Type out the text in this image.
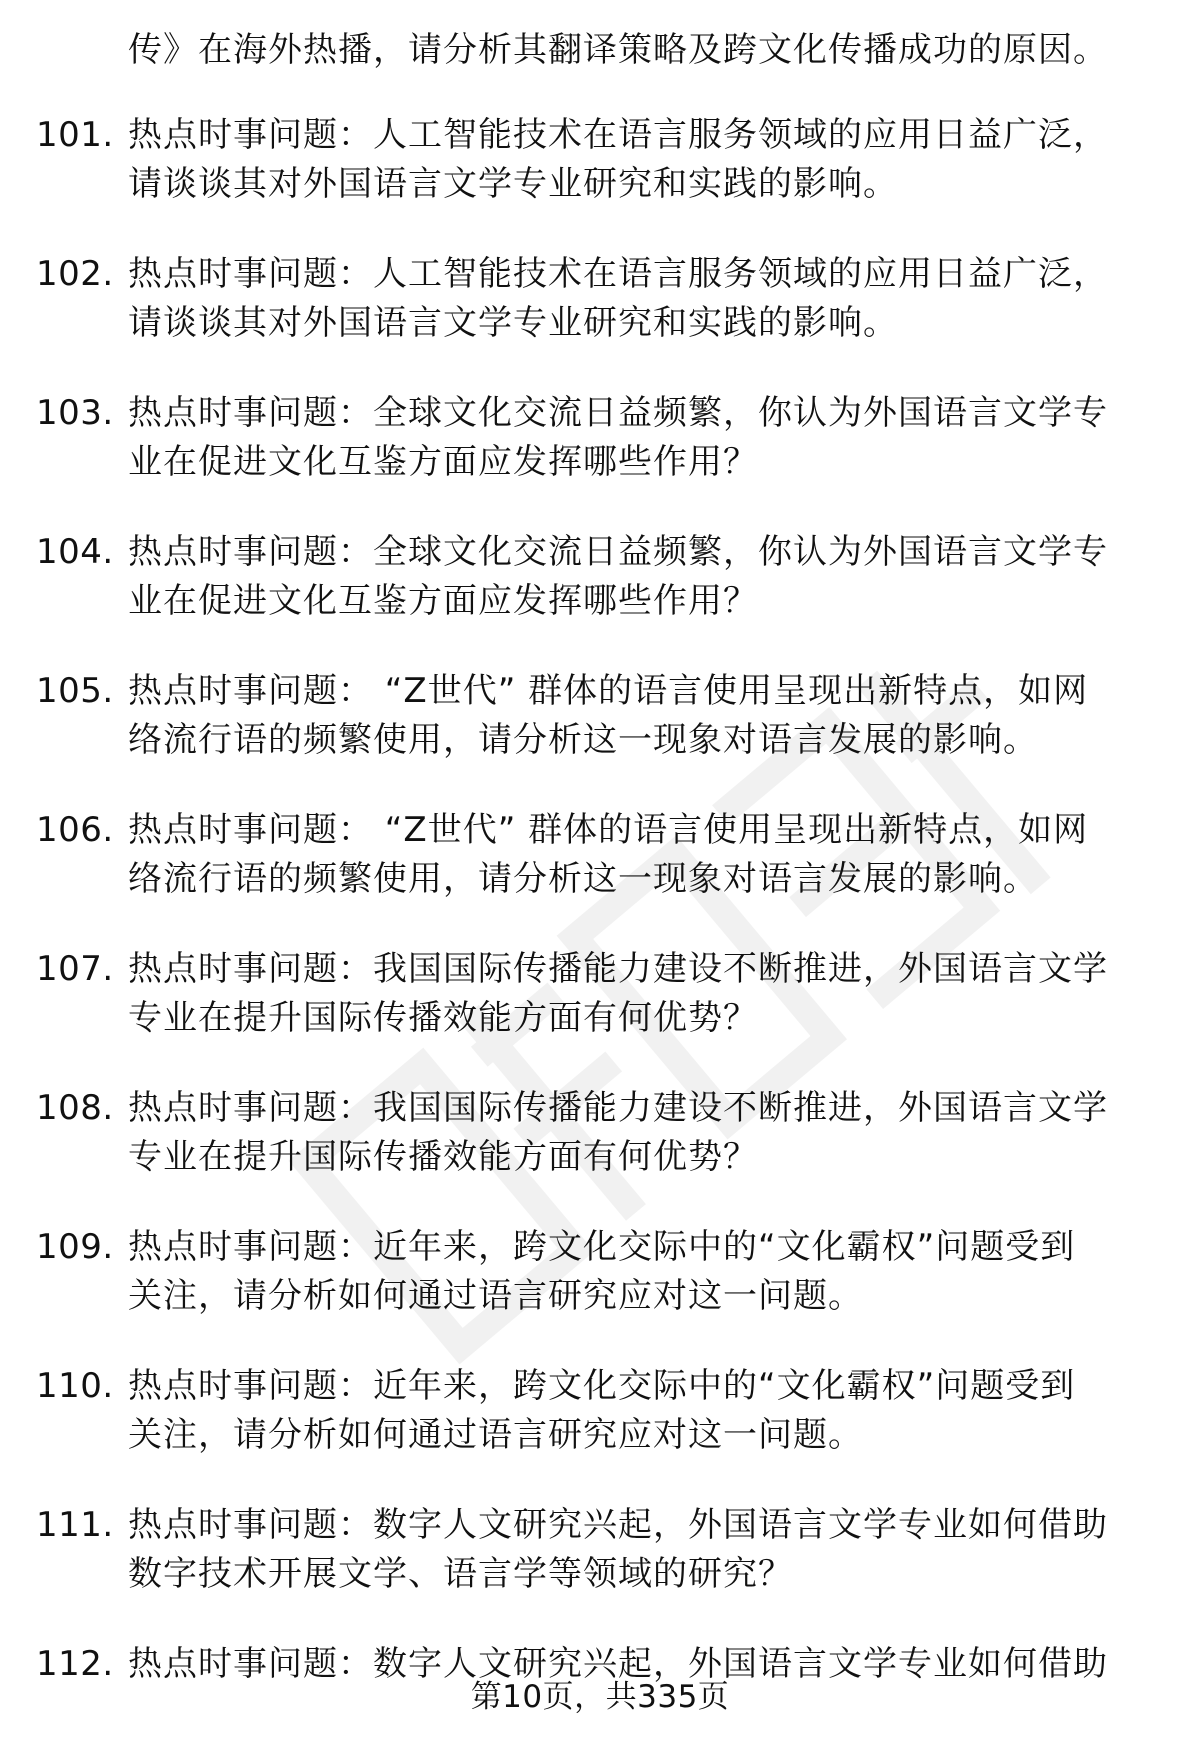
传》在海外热播，请分析其翻译策略及跨文化传播成功的原因。
101. 热点时事问题：人工智能技术在语言服务领域的应用日益广泛，
请谈谈其对外国语言文学专业研究和实践的影响。
102. 热点时事问题：人工智能技术在语言服务领域的应用日益广泛，
请谈谈其对外国语言文学专业研究和实践的影响。
103. 热点时事问题：全球文化交流日益频繁，你认为外国语言文学专
业在促进文化互鉴方面应发挥哪些作用？
104. 热点时事问题：全球文化交流日益频繁，你认为外国语言文学专
业在促进文化互鉴方面应发挥哪些作用？
105. 热点时事问题： “Z世代” 群体的语言使用呈现出新特点，如网
络流行语的频繁使用，请分析这一现象对语言发展的影响。
106. 热点时事问题： “Z世代” 群体的语言使用呈现出新特点，如网
络流行语的频繁使用，请分析这一现象对语言发展的影响。
107. 热点时事问题：我国国际传播能力建设不断推进，外国语言文学
专业在提升国际传播效能方面有何优势？
108. 热点时事问题：我国国际传播能力建设不断推进，外国语言文学
专业在提升国际传播效能方面有何优势？
109. 热点时事问题：近年来，跨文化交际中的“文化霸权”问题受到
关注，请分析如何通过语言研究应对这一问题。
110. 热点时事问题：近年来，跨文化交际中的“文化霸权”问题受到
关注，请分析如何通过语言研究应对这一问题。
111. 热点时事问题：数字人文研究兴起，外国语言文学专业如何借助
数字技术开展文学、语言学等领域的研究？
112. 热点时事问题：数字人文研究兴起，外国语言文学专业如何借助
第10页，共335页
